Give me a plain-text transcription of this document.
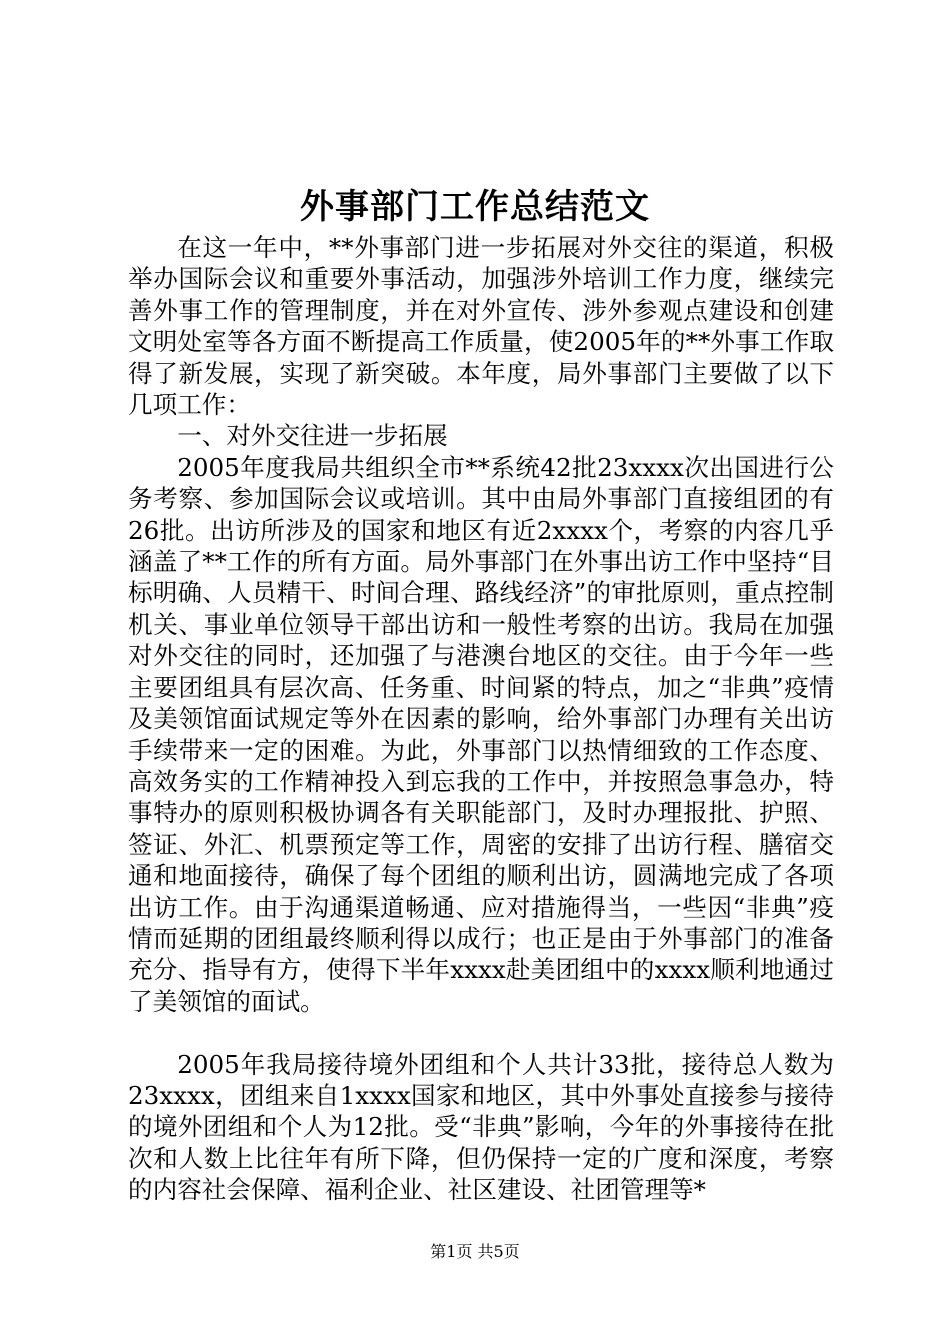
外事部门工作总结范文

在这一年中，**外事部门进一步拓展对外交往的渠道，积极举办国际会议和重要外事活动，加强涉外培训工作力度，继续完善外事工作的管理制度，并在对外宣传、涉外参观点建设和创建文明处室等各方面不断提高工作质量，使2005年的**外事工作取得了新发展，实现了新突破。本年度，局外事部门主要做了以下几项工作：

一、对外交往进一步拓展

2005年度我局共组织全市**系统42批23xxxx次出国进行公务考察、参加国际会议或培训。其中由局外事部门直接组团的有26批。出访所涉及的国家和地区有近2xxxx个，考察的内容几乎涵盖了**工作的所有方面。局外事部门在外事出访工作中坚持“目标明确、人员精干、时间合理、路线经济”的审批原则，重点控制机关、事业单位领导干部出访和一般性考察的出访。我局在加强对外交往的同时，还加强了与港澳台地区的交往。由于今年一些主要团组具有层次高、任务重、时间紧的特点，加之“非典”疫情及美领馆面试规定等外在因素的影响，给外事部门办理有关出访手续带来一定的困难。为此，外事部门以热情细致的工作态度、高效务实的工作精神投入到忘我的工作中，并按照急事急办，特事特办的原则积极协调各有关职能部门，及时办理报批、护照、签证、外汇、机票预定等工作，周密的安排了出访行程、膳宿交通和地面接待，确保了每个团组的顺利出访，圆满地完成了各项出访工作。由于沟通渠道畅通、应对措施得当，一些因“非典”疫情而延期的团组最终顺利得以成行；也正是由于外事部门的准备充分、指导有方，使得下半年xxxx赴美团组中的xxxx顺利地通过了美领馆的面试。

2005年我局接待境外团组和个人共计33批，接待总人数为23xxxx，团组来自1xxxx国家和地区，其中外事处直接参与接待的境外团组和个人为12批。受“非典”影响，今年的外事接待在批次和人数上比往年有所下降，但仍保持一定的广度和深度，考察的内容社会保障、福利企业、社区建设、社团管理等*

第1页 共5页
